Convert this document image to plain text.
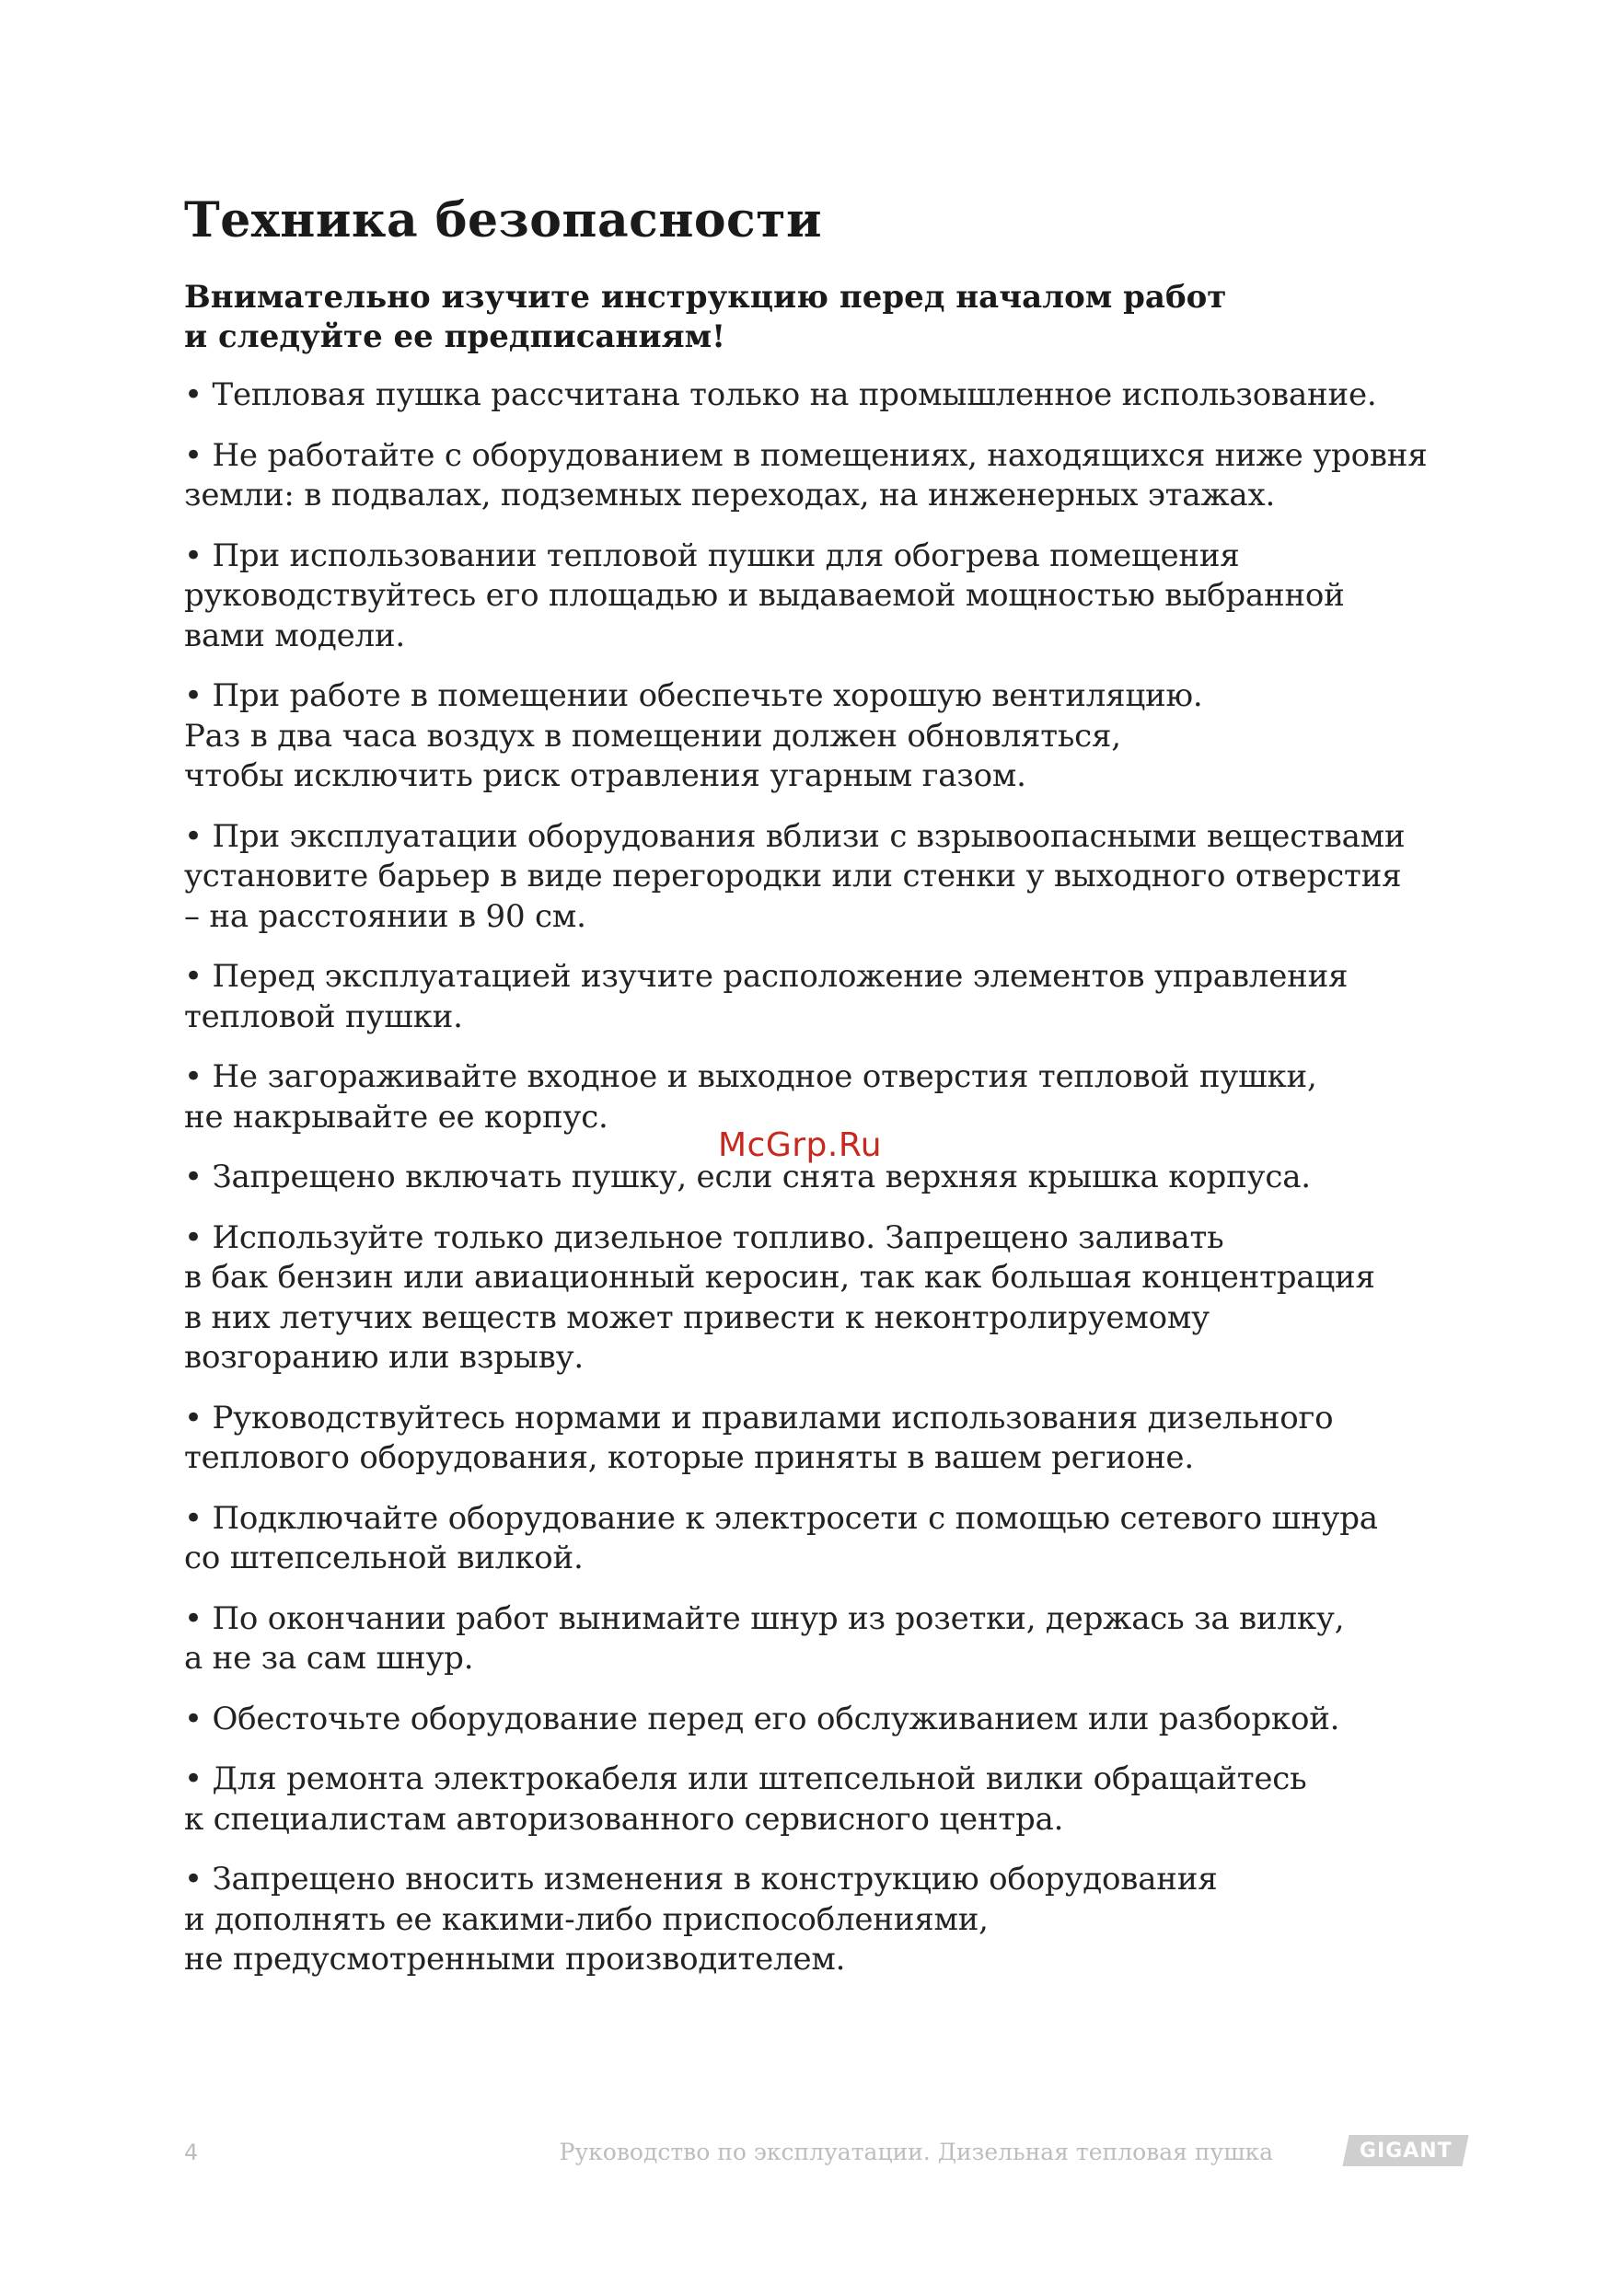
Техника безопасности

Внимательно изучите инструкцию перед началом работ
и следуйте ее предписаниям!

• Тепловая пушка рассчитана только на промышленное использование.
• Не работайте с оборудованием в помещениях, находящихся ниже уровня
земли: в подвалах, подземных переходах, на инженерных этажах.
• При использовании тепловой пушки для обогрева помещения
руководствуйтесь его площадью и выдаваемой мощностью выбранной
вами модели.
• При работе в помещении обеспечьте хорошую вентиляцию.
Раз в два часа воздух в помещении должен обновляться,
чтобы исключить риск отравления угарным газом.
• При эксплуатации оборудования вблизи с взрывоопасными веществами
установите барьер в виде перегородки или стенки у выходного отверстия
– на расстоянии в 90 см.
• Перед эксплуатацией изучите расположение элементов управления
тепловой пушки.
• Не загораживайте входное и выходное отверстия тепловой пушки,
не накрывайте ее корпус.
• Запрещено включать пушку, если снята верхняя крышка корпуса.
• Используйте только дизельное топливо. Запрещено заливать
в бак бензин или авиационный керосин, так как большая концентрация
в них летучих веществ может привести к неконтролируемому
возгоранию или взрыву.
• Руководствуйтесь нормами и правилами использования дизельного
теплового оборудования, которые приняты в вашем регионе.
• Подключайте оборудование к электросети с помощью сетевого шнура
со штепсельной вилкой.
• По окончании работ вынимайте шнур из розетки, держась за вилку,
а не за сам шнур.
• Обесточьте оборудование перед его обслуживанием или разборкой.
• Для ремонта электрокабеля или штепсельной вилки обращайтесь
к специалистам авторизованного сервисного центра.
• Запрещено вносить изменения в конструкцию оборудования
и дополнять ее какими-либо приспособлениями,
не предусмотренными производителем.
McGrp.Ru
4	Руководство по эксплуатации. Дизельная тепловая пушка	GIGANT
